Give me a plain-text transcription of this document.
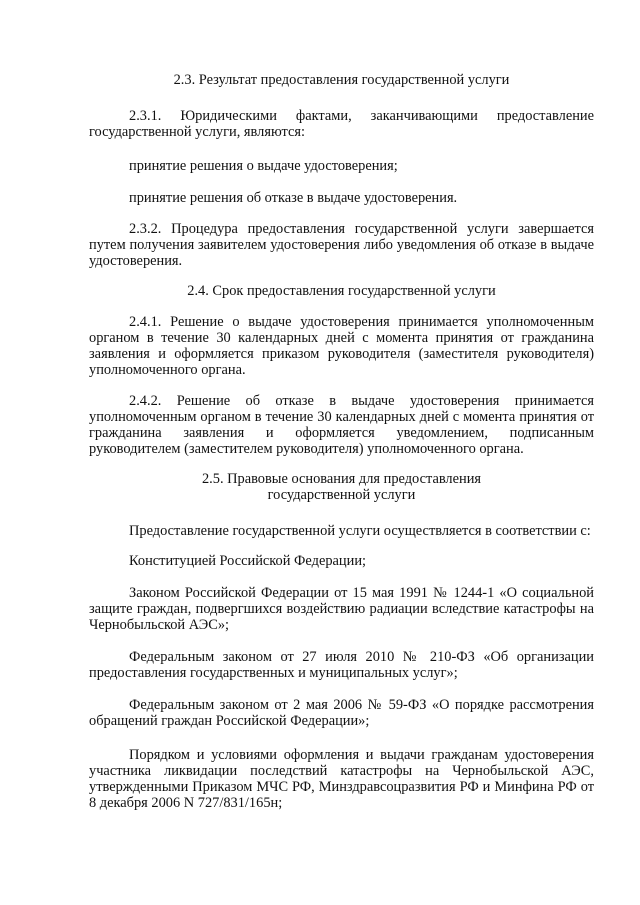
2.3. Результат предоставления государственной услуги

2.3.1. Юридическими фактами, заканчивающими предоставление государственной услуги, являются:

принятие решения о выдаче удостоверения;

принятие решения об отказе в выдаче удостоверения.

2.3.2. Процедура предоставления государственной услуги завершается путем получения заявителем удостоверения либо уведомления об отказе в выдаче удостоверения.

2.4. Срок предоставления государственной услуги

2.4.1. Решение о выдаче удостоверения принимается уполномоченным органом в течение 30 календарных дней с момента принятия от гражданина заявления и оформляется приказом руководителя (заместителя руководителя) уполномоченного органа.

2.4.2. Решение об отказе в выдаче удостоверения принимается уполномоченным органом в течение 30 календарных дней с момента принятия от гражданина заявления и оформляется уведомлением, подписанным руководителем (заместителем руководителя) уполномоченного органа.

2.5. Правовые основания для предоставления
государственной услуги

Предоставление государственной услуги осуществляется в соответствии с:

Конституцией Российской Федерации;

Законом Российской Федерации от 15 мая 1991 № 1244-1 «О социальной защите граждан, подвергшихся воздействию радиации вследствие катастрофы на Чернобыльской АЭС»;

Федеральным законом от 27 июля 2010 № 210-ФЗ «Об организации предоставления государственных и муниципальных услуг»;

Федеральным законом от 2 мая 2006 № 59-ФЗ «О порядке рассмотрения обращений граждан Российской Федерации»;

Порядком и условиями оформления и выдачи гражданам удостоверения участника ликвидации последствий катастрофы на Чернобыльской АЭС, утвержденными Приказом МЧС РФ, Минздравсоцразвития РФ и Минфина РФ от 8 декабря 2006 N 727/831/165н;
